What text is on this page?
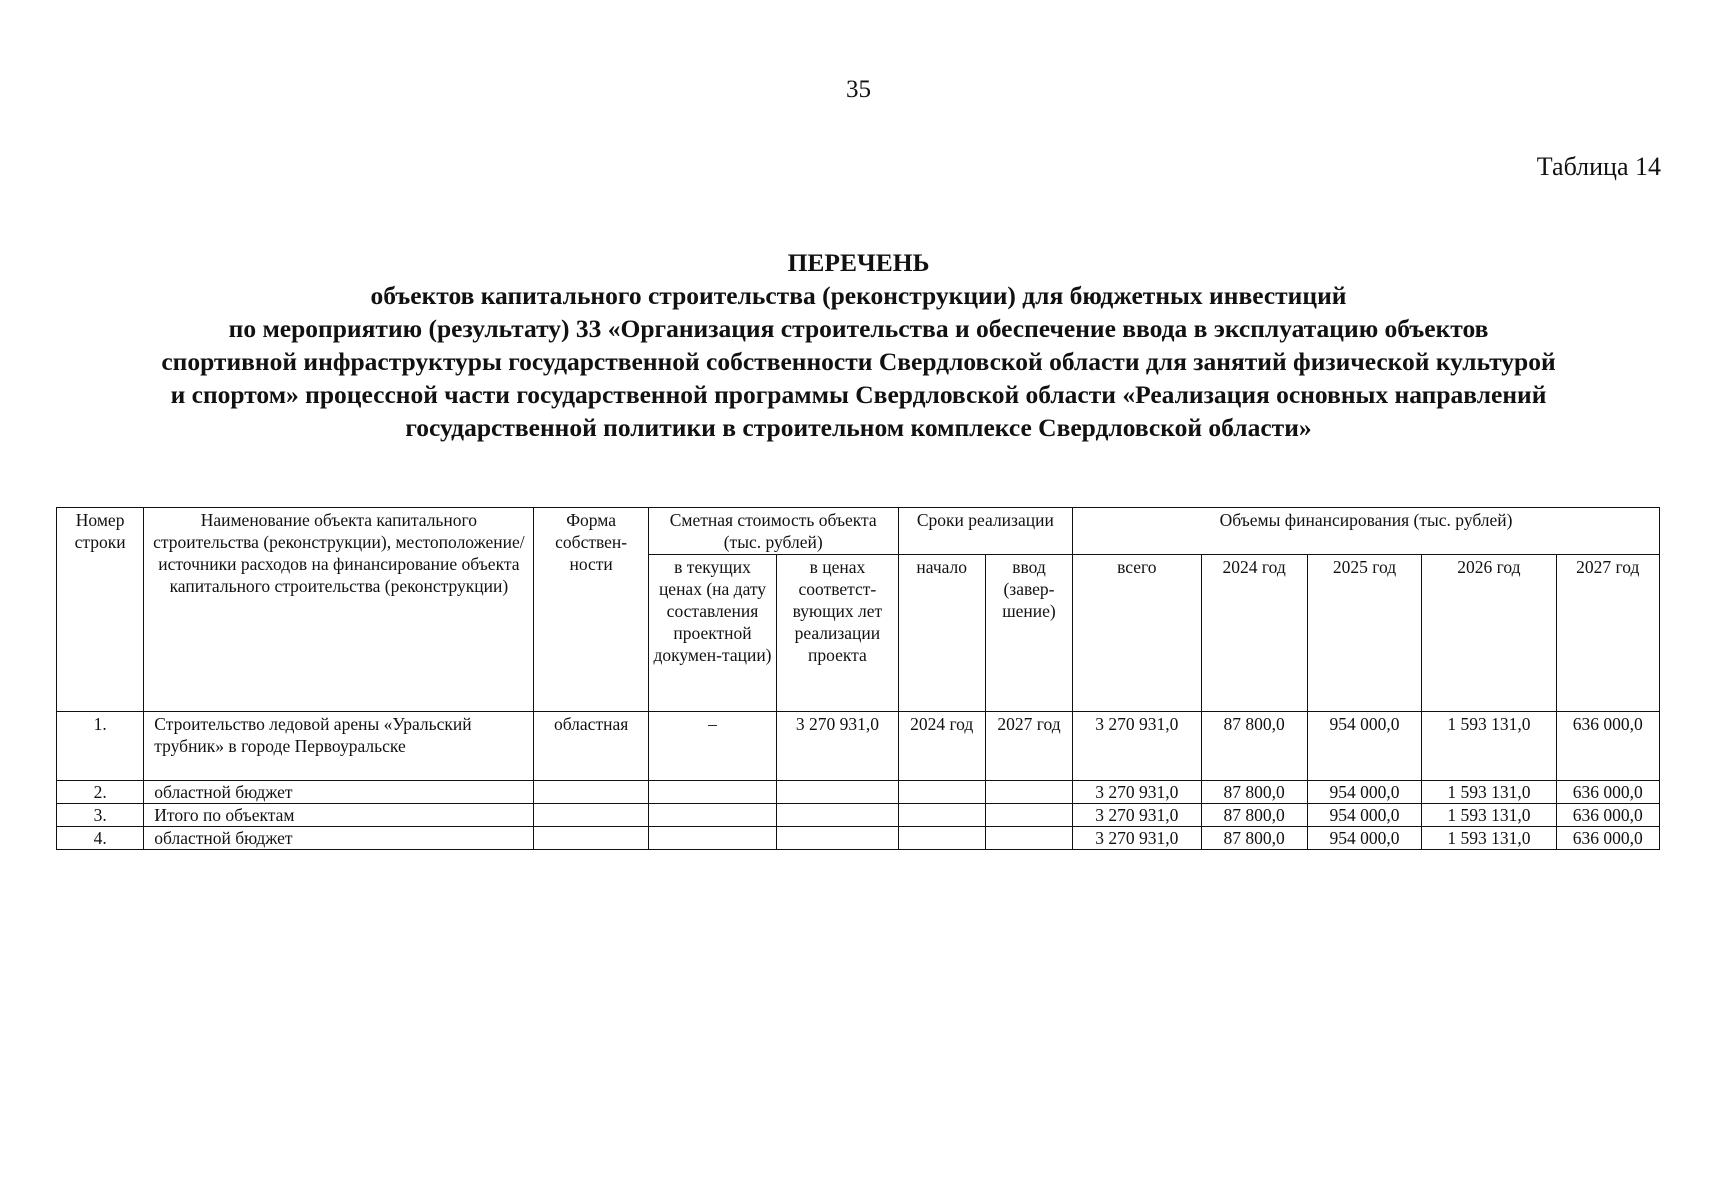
35
Таблица 14
ПЕРЕЧЕНЬ
объектов капитального строительства (реконструкции) для бюджетных инвестиций
по мероприятию (результату) 33 «Организация строительства и обеспечение ввода в эксплуатацию объектов
спортивной инфраструктуры государственной собственности Свердловской области для занятий физической культурой
и спортом» процессной части государственной программы Свердловской области «Реализация основных направлений
государственной политики в строительном комплексе Свердловской области»
Номер строки	Наименование объекта капитального строительства (реконструкции), местоположение/ источники расходов на финансирование объекта капитального строительства (реконструкции)	Форма собствен-ности	Сметная стоимость объекта (тыс. рублей)		Сроки реализации		Объемы финансирования (тыс. рублей)				
			в текущих ценах (на дату составления проектной докумен-тации)	в ценах соответст-вующих лет реализации проекта	начало	ввод (завер-шение)	всего	2024 год	2025 год	2026 год	2027 год
1.	Строительство ледовой арены «Уральский трубник» в городе Первоуральске	областная	–	3 270 931,0	2024 год	2027 год	3 270 931,0	87 800,0	954 000,0	1 593 131,0	636 000,0
2.	областной бюджет						3 270 931,0	87 800,0	954 000,0	1 593 131,0	636 000,0
3.	Итого по объектам						3 270 931,0	87 800,0	954 000,0	1 593 131,0	636 000,0
4.	областной бюджет						3 270 931,0	87 800,0	954 000,0	1 593 131,0	636 000,0
